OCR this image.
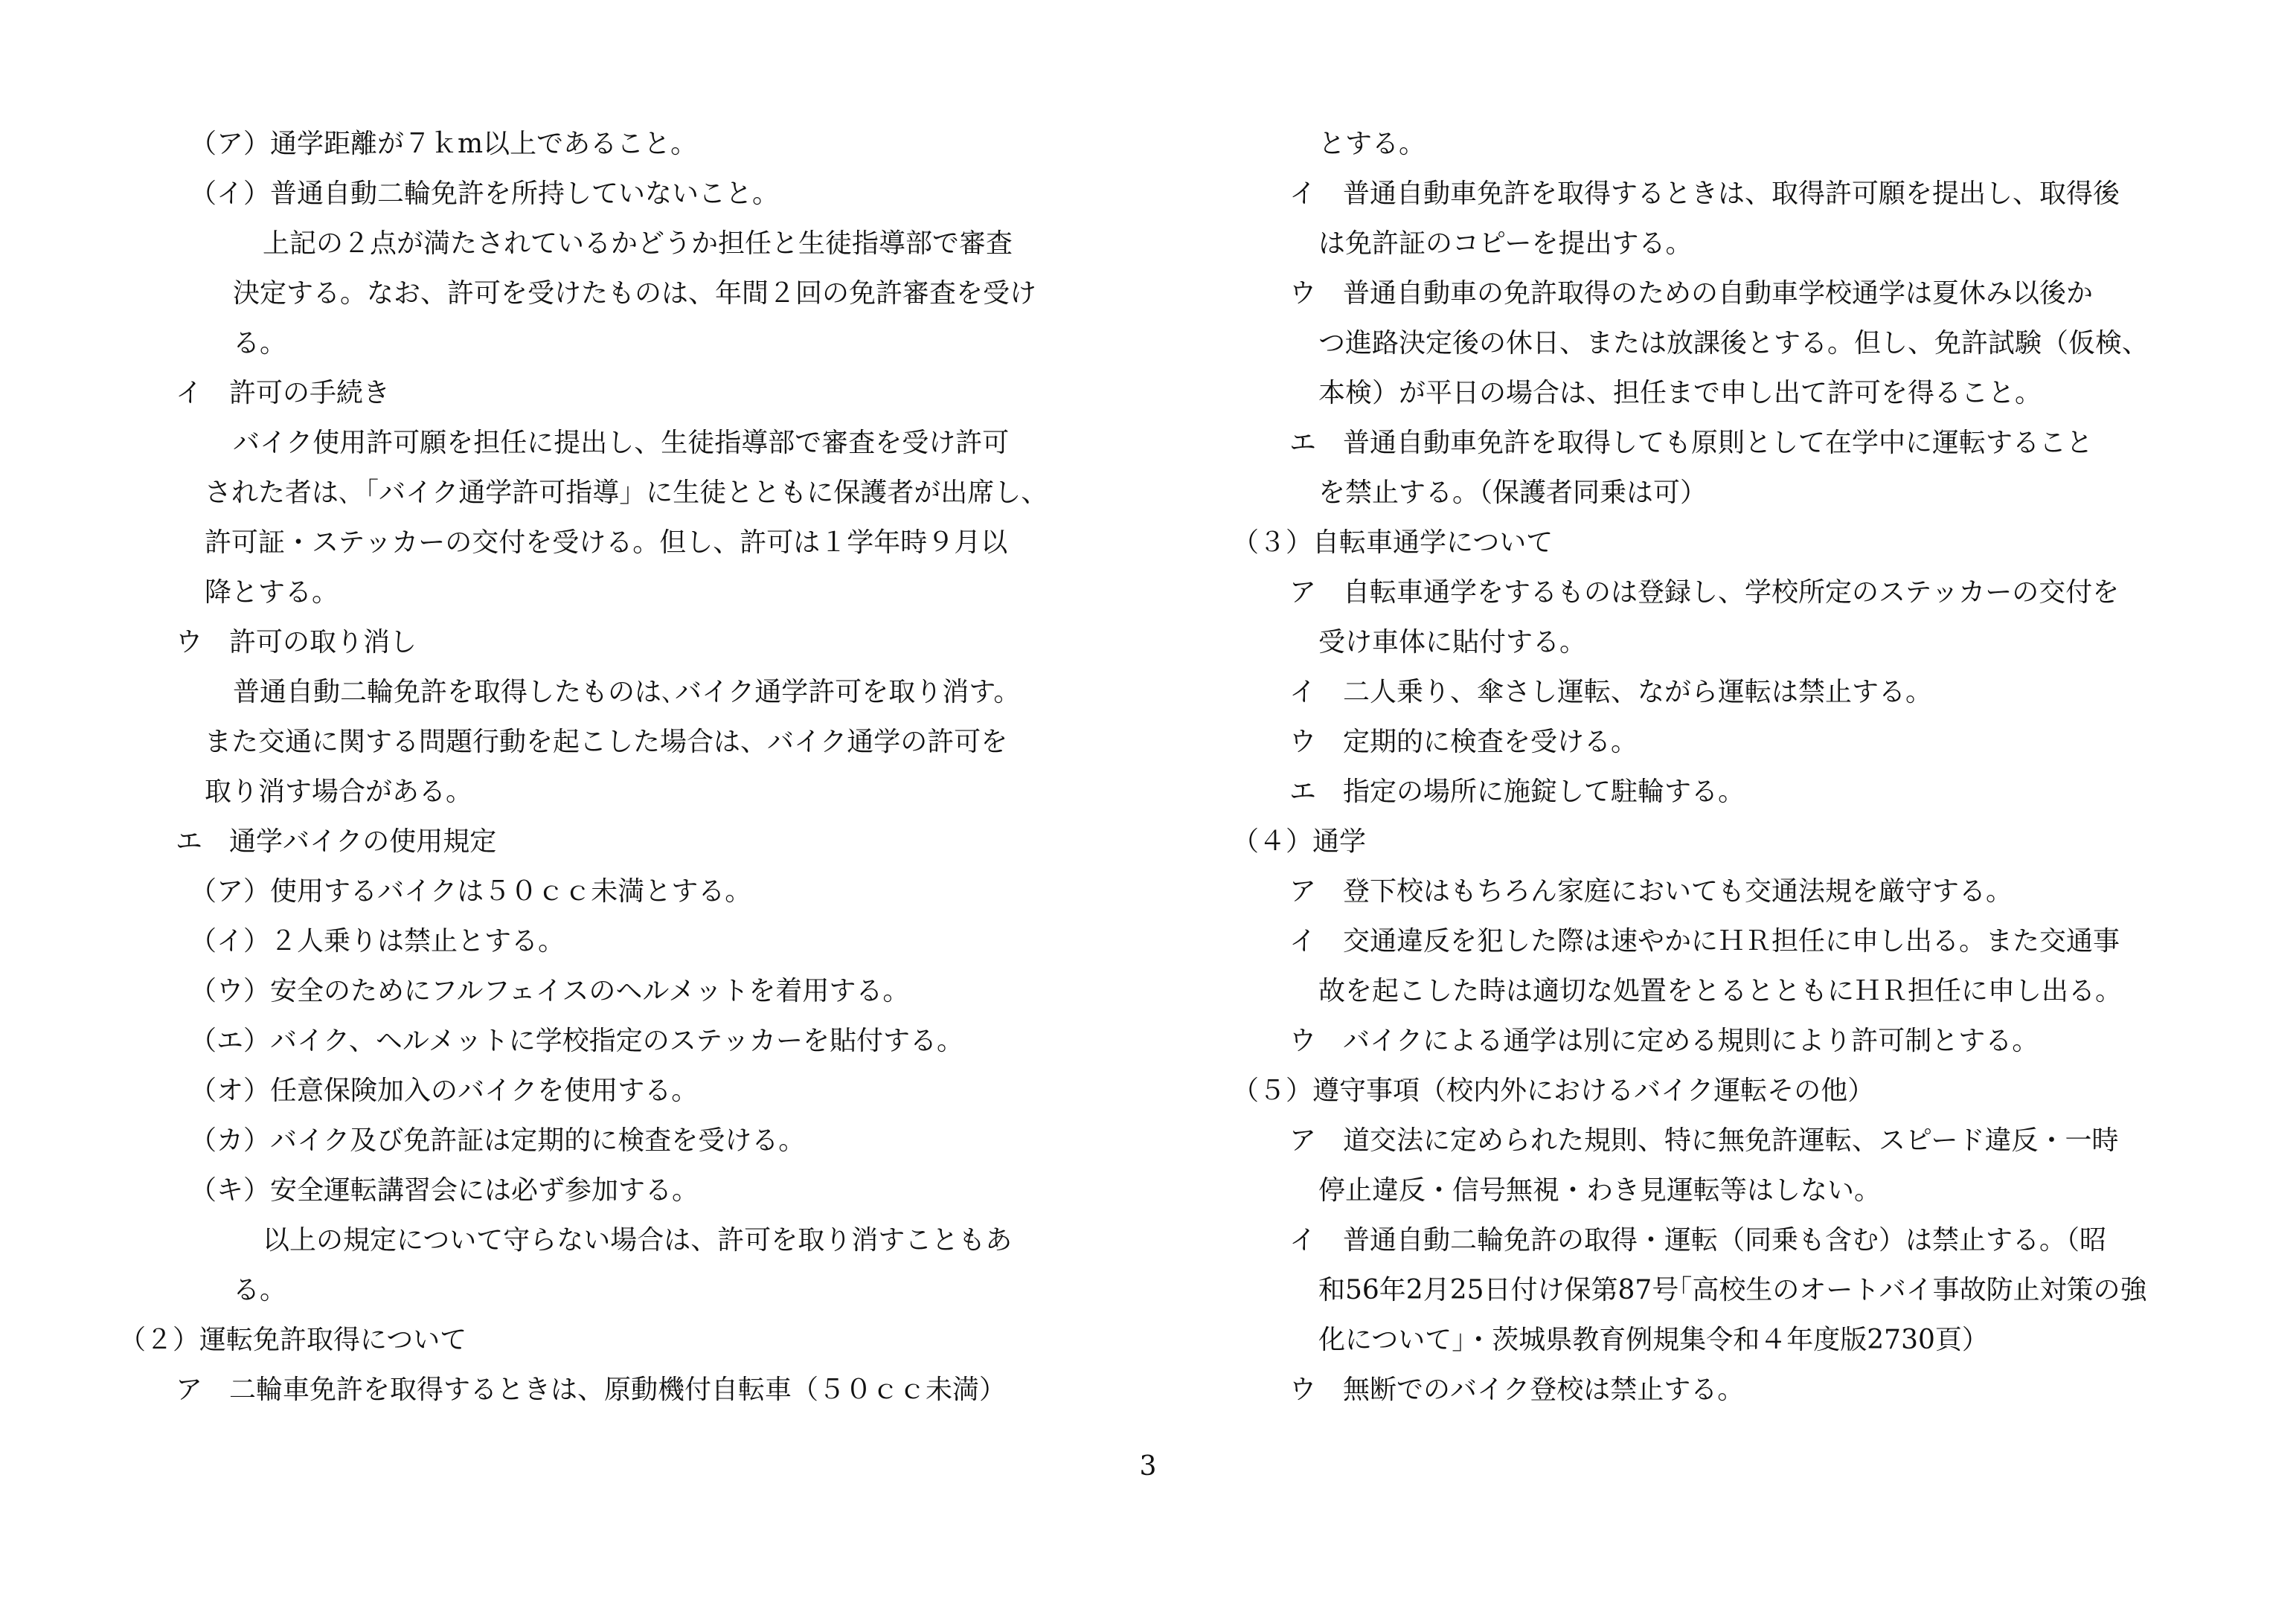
（ア）通学距離が７ｋm以上であること。
（イ）普通自動二輪免許を所持していないこと。
上記の２点が満たされているかどうか担任と生徒指導部で審査
決定する。なお、許可を受けたものは、年間２回の免許審査を受け
る。
イ　許可の手続き
バイク使用許可願を担任に提出し、生徒指導部で審査を受け許可
された者は､「バイク通学許可指導」に生徒とともに保護者が出席し、
許可証・ステッカーの交付を受ける。但し、許可は１学年時９月以
降とする。
ウ　許可の取り消し
普通自動二輪免許を取得したものは､バイク通学許可を取り消す。
また交通に関する問題行動を起こした場合は、バイク通学の許可を
取り消す場合がある。
エ　通学バイクの使用規定
（ア）使用するバイクは５０ｃｃ未満とする。
（イ）２人乗りは禁止とする。
（ウ）安全のためにフルフェイスのヘルメットを着用する。
（エ）バイク、ヘルメットに学校指定のステッカーを貼付する。
（オ）任意保険加入のバイクを使用する。
（カ）バイク及び免許証は定期的に検査を受ける。
（キ）安全運転講習会には必ず参加する。
以上の規定について守らない場合は、許可を取り消すこともあ
る。
（２）運転免許取得について
ア　二輪車免許を取得するときは、原動機付自転車（５０ｃｃ未満）
とする。
イ　普通自動車免許を取得するときは、取得許可願を提出し、取得後
は免許証のコピーを提出する。
ウ　普通自動車の免許取得のための自動車学校通学は夏休み以後か
つ進路決定後の休日、または放課後とする。但し、免許試験（仮検、
本検）が平日の場合は、担任まで申し出て許可を得ること。
エ　普通自動車免許を取得しても原則として在学中に運転すること
を禁止する。（保護者同乗は可）
（３）自転車通学について
ア　自転車通学をするものは登録し、学校所定のステッカーの交付を
受け車体に貼付する。
イ　二人乗り、傘さし運転、ながら運転は禁止する。
ウ　定期的に検査を受ける。
エ　指定の場所に施錠して駐輪する。
（４）通学
ア　登下校はもちろん家庭においても交通法規を厳守する。
イ　交通違反を犯した際は速やかにＨＲ担任に申し出る。また交通事
故を起こした時は適切な処置をとるとともにＨＲ担任に申し出る。
ウ　バイクによる通学は別に定める規則により許可制とする。
（５）遵守事項（校内外におけるバイク運転その他）
ア　道交法に定められた規則、特に無免許運転、スピード違反・一時
停止違反・信号無視・わき見運転等はしない。
イ　普通自動二輪免許の取得・運転（同乗も含む）は禁止する。（昭
和56年2月25日付け保第87号｢高校生のオートバイ事故防止対策の強
化について」・茨城県教育例規集令和４年度版2730頁）
ウ　無断でのバイク登校は禁止する。
3
